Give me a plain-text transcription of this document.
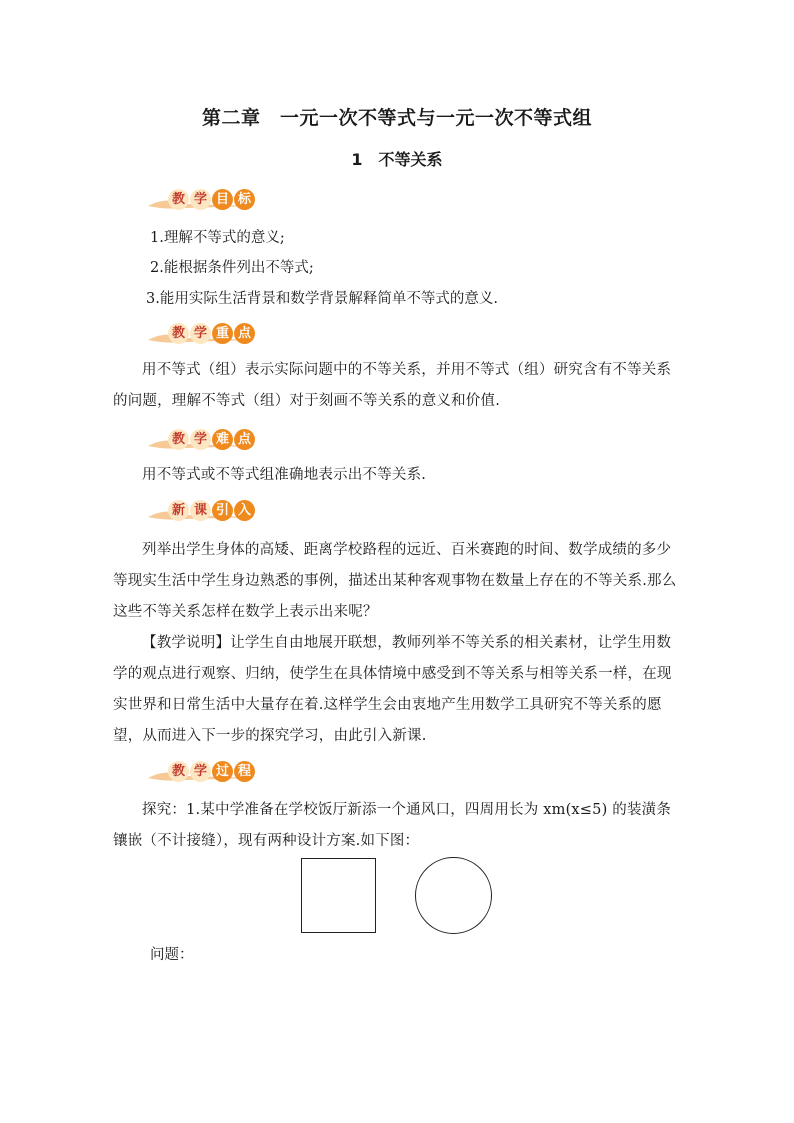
第二章　一元一次不等式与一元一次不等式组
1　不等关系
教 学 目 标
1.理解不等式的意义;
2.能根据条件列出不等式;
3.能用实际生活背景和数学背景解释简单不等式的意义.
教 学 重 点
用不等式（组）表示实际问题中的不等关系，并用不等式（组）研究含有不等关系的问题，理解不等式（组）对于刻画不等关系的意义和价值.
教 学 难 点
用不等式或不等式组准确地表示出不等关系.
新 课 引 入
列举出学生身体的高矮、距离学校路程的远近、百米赛跑的时间、数学成绩的多少等现实生活中学生身边熟悉的事例，描述出某种客观事物在数量上存在的不等关系.那么这些不等关系怎样在数学上表示出来呢？
【教学说明】让学生自由地展开联想，教师列举不等关系的相关素材，让学生用数学的观点进行观察、归纳，使学生在具体情境中感受到不等关系与相等关系一样，在现实世界和日常生活中大量存在着.这样学生会由衷地产生用数学工具研究不等关系的愿望，从而进入下一步的探究学习，由此引入新课.
教 学 过 程
探究：1.某中学准备在学校饭厅新添一个通风口，四周用长为 xm(x≤5) 的装潢条镶嵌（不计接缝），现有两种设计方案.如下图：
问题：
